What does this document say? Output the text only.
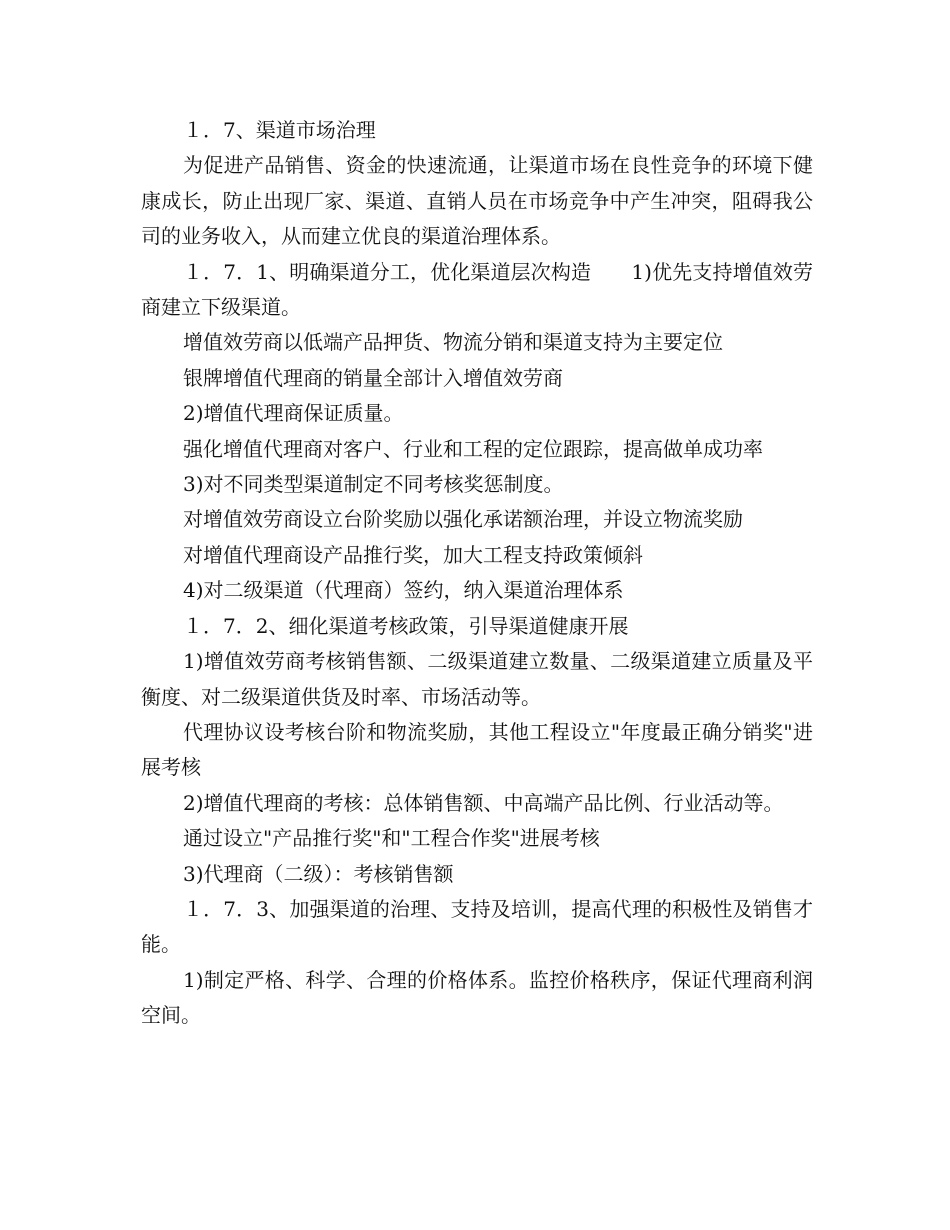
１．7、渠道市场治理

为促进产品销售、资金的快速流通，让渠道市场在良性竞争的环境下健康成长，防止出现厂家、渠道、直销人员在市场竞争中产生冲突，阻碍我公司的业务收入，从而建立优良的渠道治理体系。

１．7．1、明确渠道分工，优化渠道层次构造　　1)优先支持增值效劳商建立下级渠道。

增值效劳商以低端产品押货、物流分销和渠道支持为主要定位

银牌增值代理商的销量全部计入增值效劳商

2)增值代理商保证质量。

强化增值代理商对客户、行业和工程的定位跟踪，提高做单成功率

3)对不同类型渠道制定不同考核奖惩制度。

对增值效劳商设立台阶奖励以强化承诺额治理，并设立物流奖励

对增值代理商设产品推行奖，加大工程支持政策倾斜

4)对二级渠道（代理商）签约，纳入渠道治理体系

１．7．2、细化渠道考核政策，引导渠道健康开展

1)增值效劳商考核销售额、二级渠道建立数量、二级渠道建立质量及平衡度、对二级渠道供货及时率、市场活动等。

代理协议设考核台阶和物流奖励，其他工程设立"年度最正确分销奖"进展考核

2)增值代理商的考核：总体销售额、中高端产品比例、行业活动等。

通过设立"产品推行奖"和"工程合作奖"进展考核

3)代理商（二级）：考核销售额

１．7．3、加强渠道的治理、支持及培训，提高代理的积极性及销售才能。

1)制定严格、科学、合理的价格体系。监控价格秩序，保证代理商利润空间。
